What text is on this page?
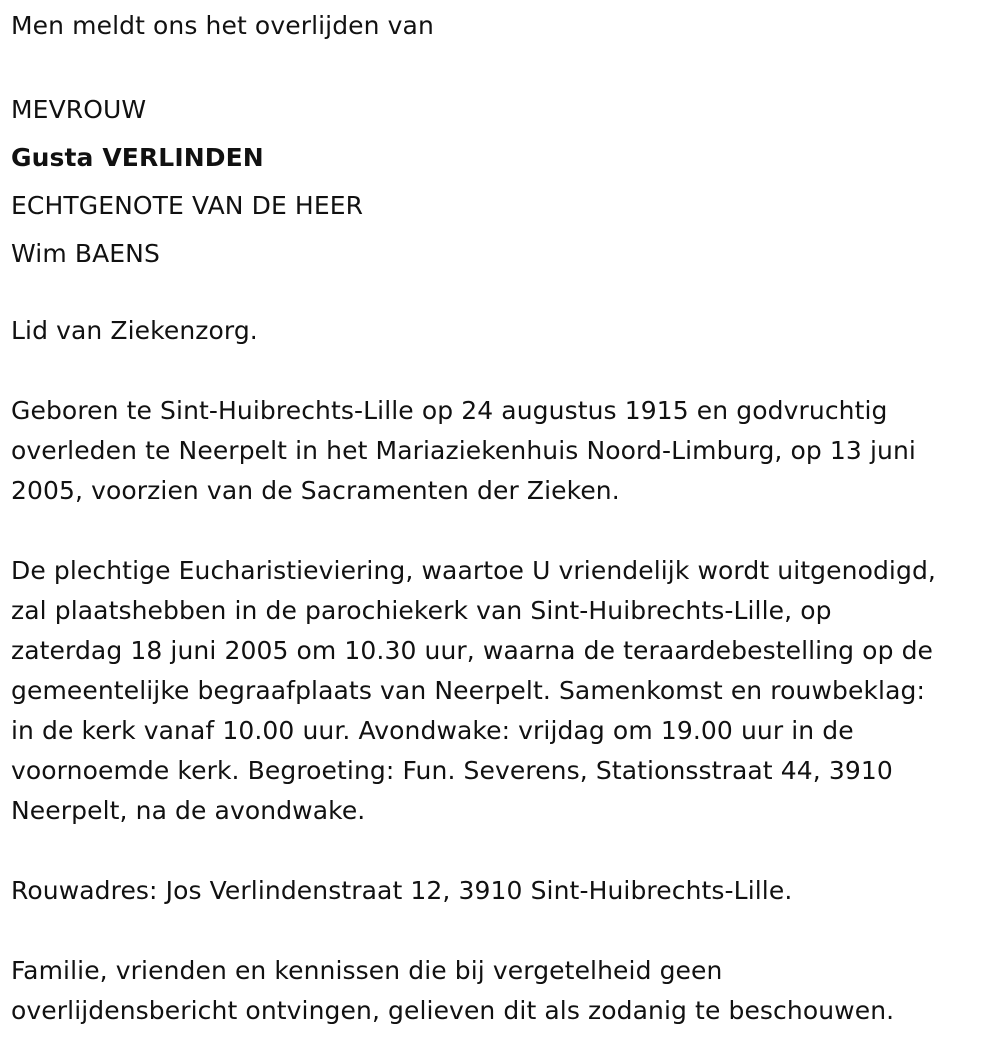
Men meldt ons het overlijden van

MEVROUW

Gusta VERLINDEN

ECHTGENOTE VAN DE HEER

Wim BAENS

Lid van Ziekenzorg.

Geboren te Sint-Huibrechts-Lille op 24 augustus 1915 en godvruchtig

overleden te Neerpelt in het Mariaziekenhuis Noord-Limburg, op 13 juni

2005, voorzien van de Sacramenten der Zieken.

De plechtige Eucharistieviering, waartoe U vriendelijk wordt uitgenodigd,

zal plaatshebben in de parochiekerk van Sint-Huibrechts-Lille, op

zaterdag 18 juni 2005 om 10.30 uur, waarna de teraardebestelling op de

gemeentelijke begraafplaats van Neerpelt. Samenkomst en rouwbeklag:

in de kerk vanaf 10.00 uur. Avondwake: vrijdag om 19.00 uur in de

voornoemde kerk. Begroeting: Fun. Severens, Stationsstraat 44, 3910

Neerpelt, na de avondwake.

Rouwadres: Jos Verlindenstraat 12, 3910 Sint-Huibrechts-Lille.

Familie, vrienden en kennissen die bij vergetelheid geen

overlijdensbericht ontvingen, gelieven dit als zodanig te beschouwen.
